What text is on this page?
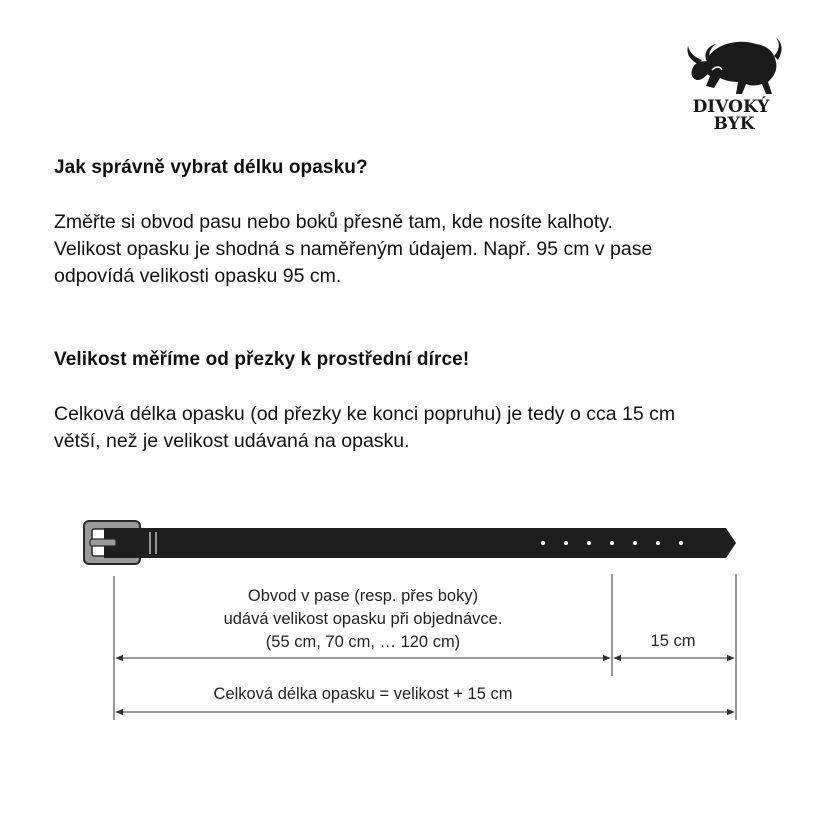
DIVOKÝ
BYK
Jak správně vybrat délku opasku?

Změřte si obvod pasu nebo boků přesně tam, kde nosíte kalhoty.
Velikost opasku je shodná s naměřeným údajem. Např. 95 cm v pase
odpovídá velikosti opasku 95 cm.

Velikost měříme od přezky k prostřední dírce!

Celková délka opasku (od přezky ke konci popruhu) je tedy o cca 15 cm
větší, než je velikost udávaná na opasku.

Obvod v pase (resp. přes boky)
udává velikost opasku při objednávce.
(55 cm, 70 cm, … 120 cm)	15 cm
Celková délka opasku = velikost + 15 cm
